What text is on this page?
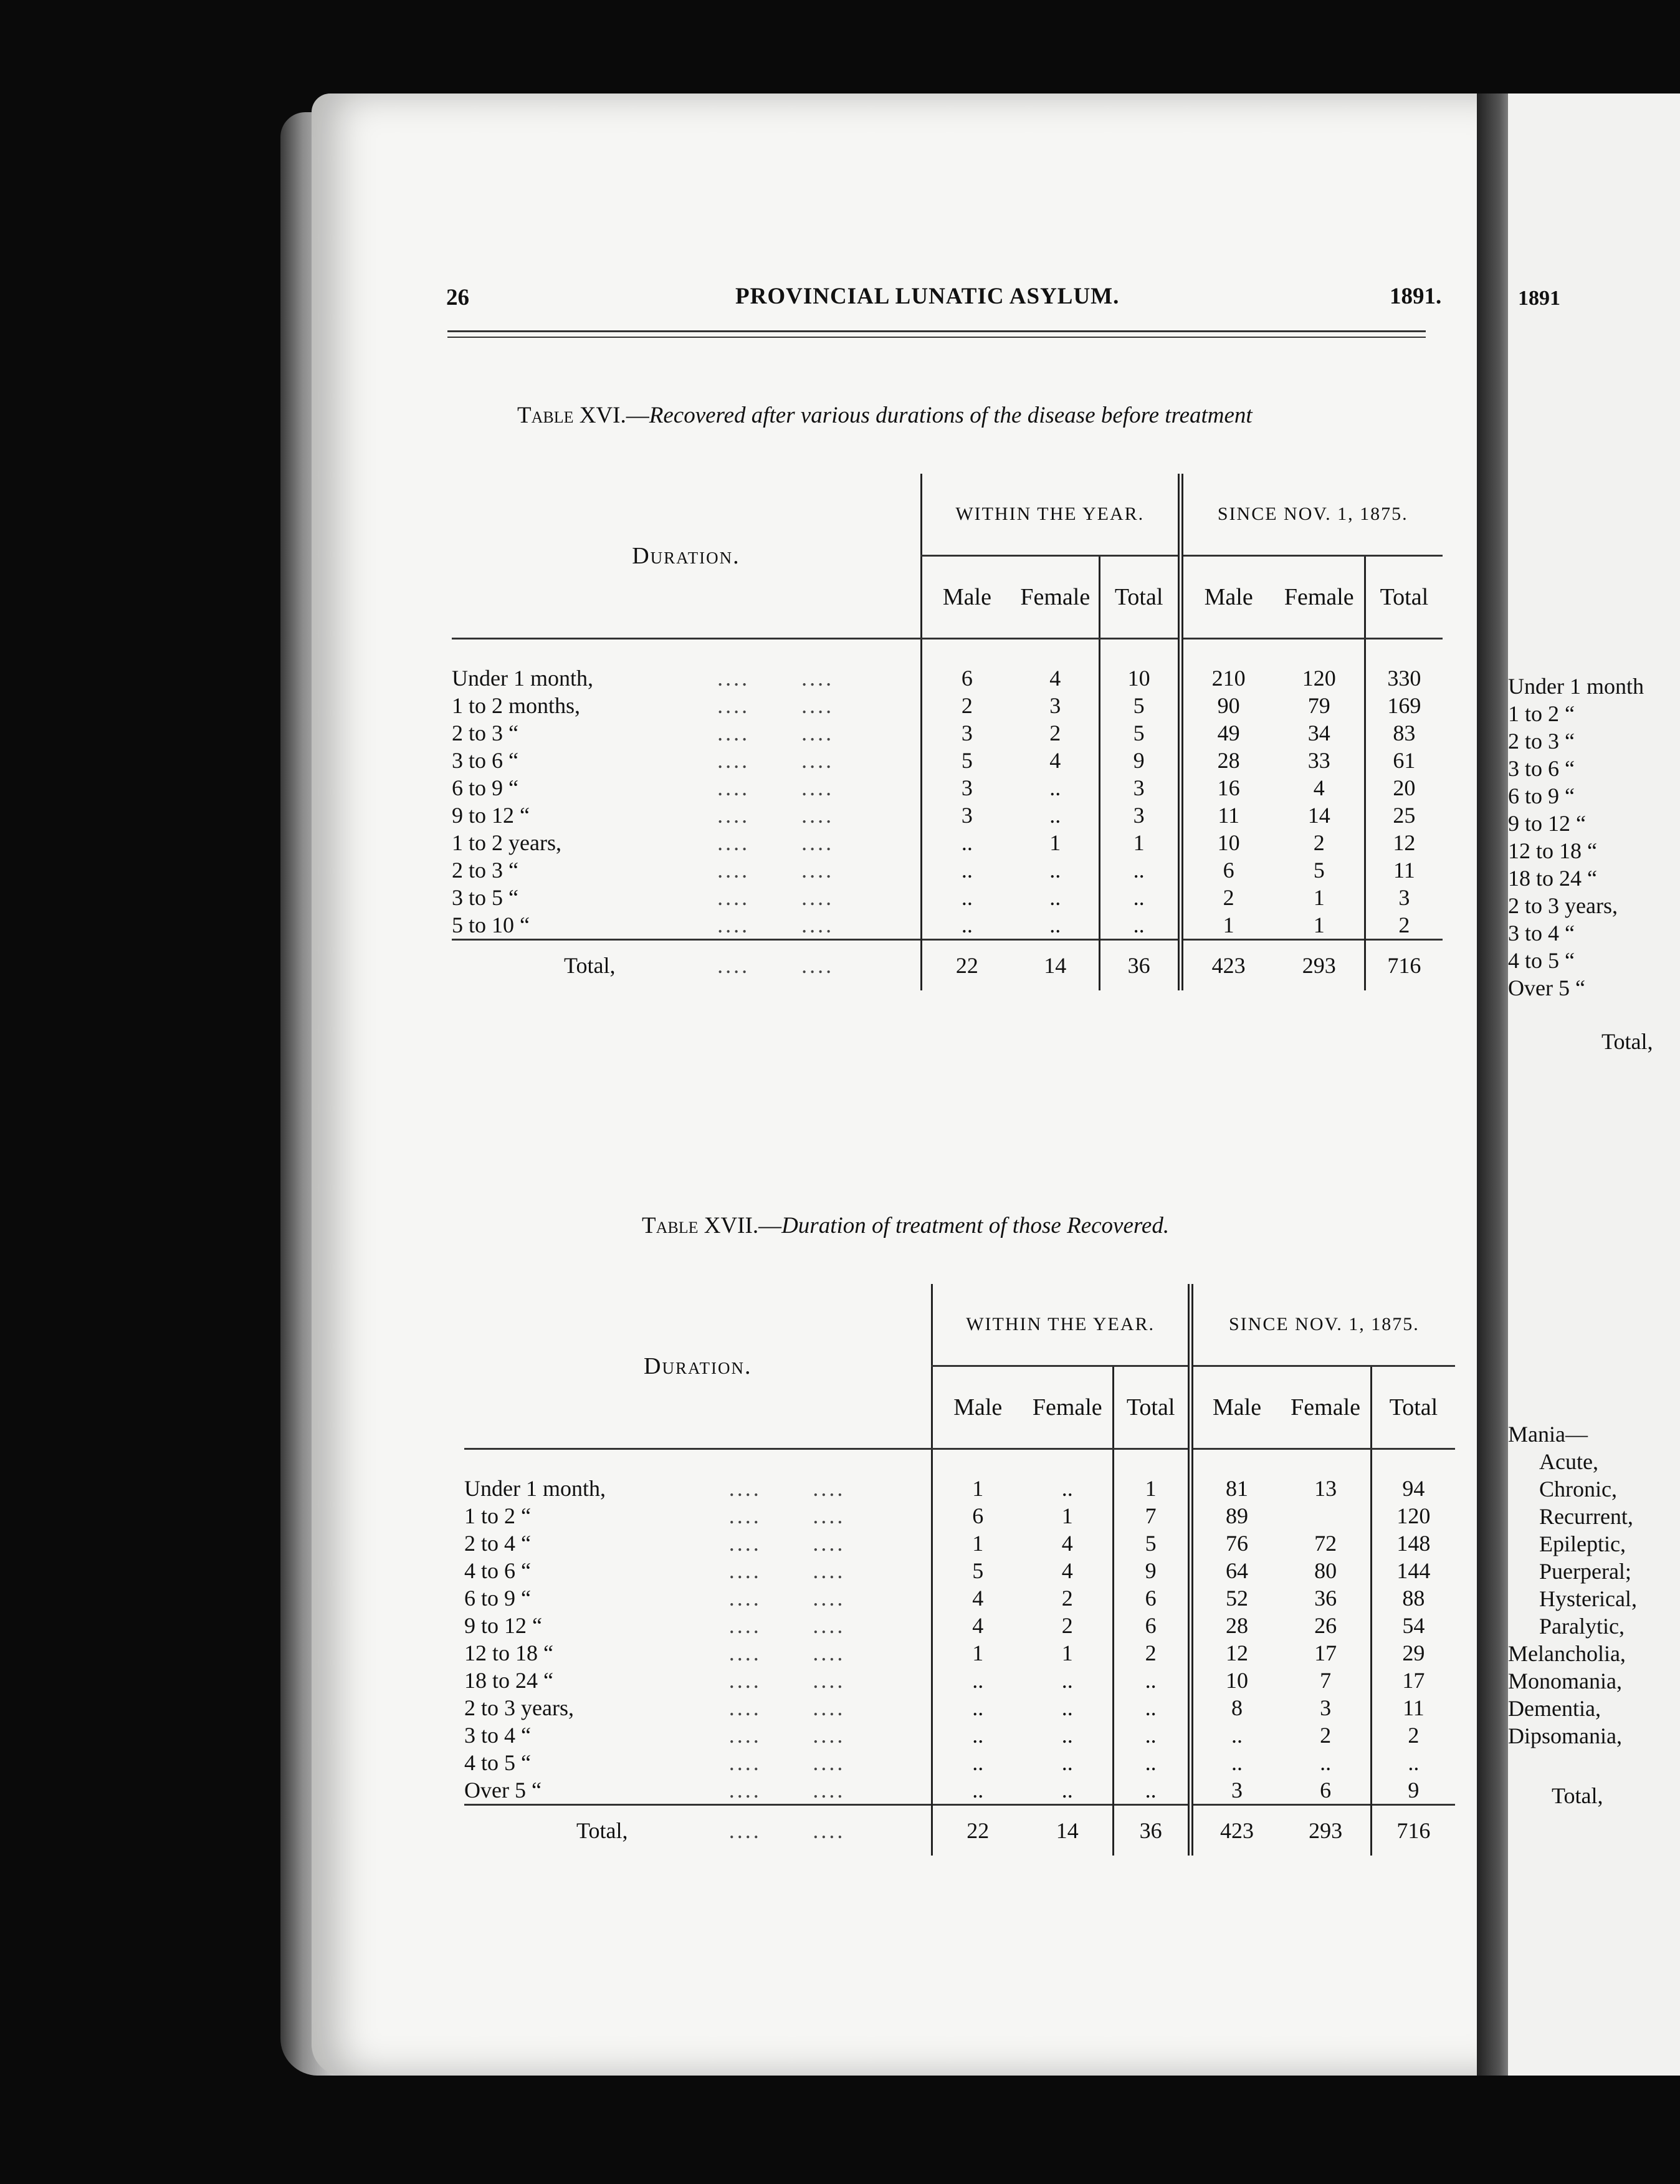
1891
Under 1 month
1 to 2 “
2 to 3 “
3 to 6 “
6 to 9 “
9 to 12 “
12 to 18 “
18 to 24 “
2 to 3 years,
3 to 4 “
4 to 5 “
Over 5 “
Total,
Mania—
Acute,
Chronic,
Recurrent,
Epileptic,
Puerperal;
Hysterical,
Paralytic,
Melancholia,
Monomania,
Dementia,
Dipsomania,
Total,
26	PROVINCIAL LUNATIC ASYLUM.	1891.
Table XVI.—Recovered after various durations of the disease before treatment
Duration.			WITHIN THE YEAR.			SINCE NOV. 1, 1875.		
			Male	Female	Total	Male	Female	Total
Under 1 month,	....	....	6	4	10	210	120	330
1 to 2 months,	....	....	2	3	5	90	79	169
2 to 3 “	....	....	3	2	5	49	34	83
3 to 6 “	....	....	5	4	9	28	33	61
6 to 9 “	....	....	3	..	3	16	4	20
9 to 12 “	....	....	3	..	3	11	14	25
1 to 2 years,	....	....	..	1	1	10	2	12
2 to 3 “	....	....	..	..	..	6	5	11
3 to 5 “	....	....	..	..	..	2	1	3
5 to 10 “	....	....	..	..	..	1	1	2
Total,	....	....	22	14	36	423	293	716
Table XVII.—Duration of treatment of those Recovered.
Duration.			WITHIN THE YEAR.			SINCE NOV. 1, 1875.		
			Male	Female	Total	Male	Female	Total
Under 1 month,	....	....	1	..	1	81	13	94
1 to 2 “	....	....	6	1	7	89		120
2 to 4 “	....	....	1	4	5	76	72	148
4 to 6 “	....	....	5	4	9	64	80	144
6 to 9 “	....	....	4	2	6	52	36	88
9 to 12 “	....	....	4	2	6	28	26	54
12 to 18 “	....	....	1	1	2	12	17	29
18 to 24 “	....	....	..	..	..	10	7	17
2 to 3 years,	....	....	..	..	..	8	3	11
3 to 4 “	....	....	..	..	..	..	2	2
4 to 5 “	....	....	..	..	..	..	..	..
Over 5 “	....	....	..	..	..	3	6	9
Total,	....	....	22	14	36	423	293	716
